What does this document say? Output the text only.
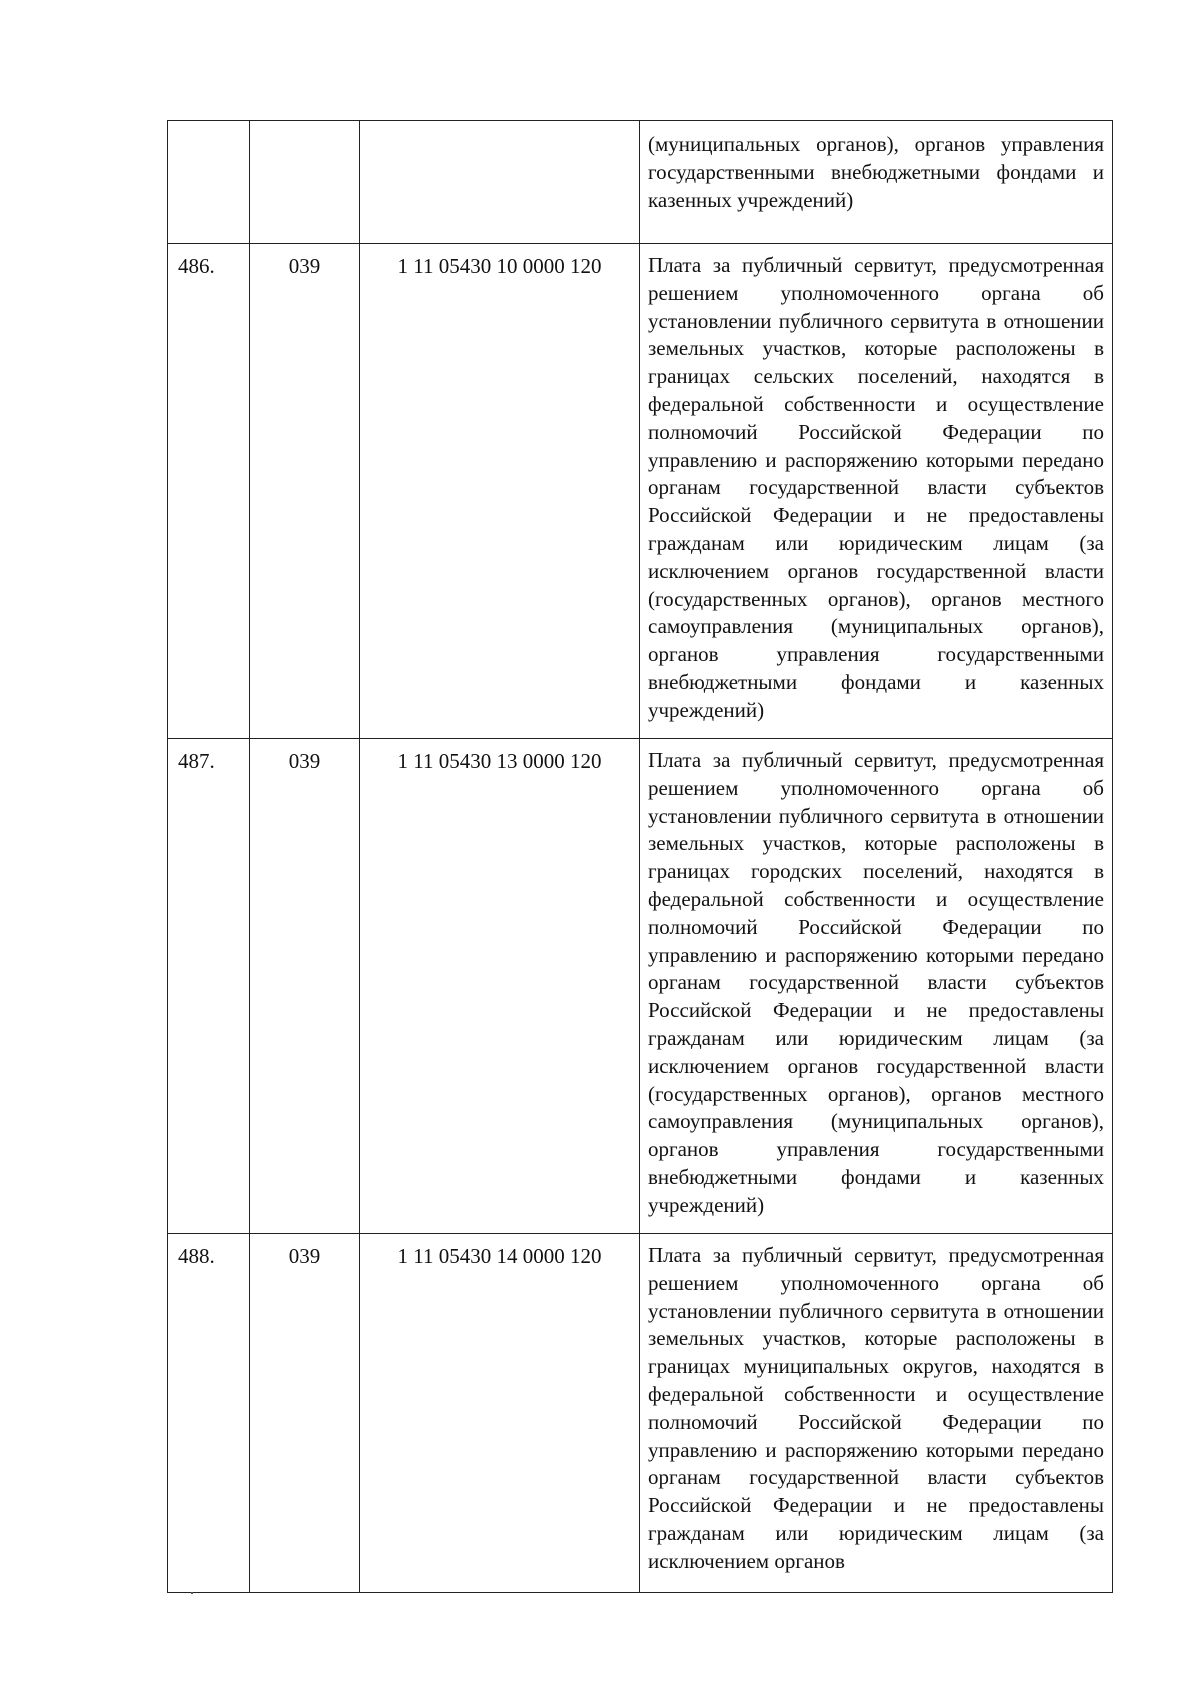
			(муниципальных органов), органов управления государственными внебюджетными фондами и казенных учреждений)
486.	039	1 11 05430 10 0000 120	Плата за публичный сервитут, предусмотренная решением уполномоченного органа об установлении публичного сервитута в отношении земельных участков, которые расположены в границах сельских поселений, находятся в федеральной собственности и осуществление полномочий Российской Федерации по управлению и распоряжению которыми передано органам государственной власти субъектов Российской Федерации и не предоставлены гражданам или юридическим лицам (за исключением органов государственной власти (государственных органов), органов местного самоуправления (муниципальных органов), органов управления государственными внебюджетными фондами и казенных учреждений)
487.	039	1 11 05430 13 0000 120	Плата за публичный сервитут, предусмотренная решением уполномоченного органа об установлении публичного сервитута в отношении земельных участков, которые расположены в границах городских поселений, находятся в федеральной собственности и осуществление полномочий Российской Федерации по управлению и распоряжению которыми передано органам государственной власти субъектов Российской Федерации и не предоставлены гражданам или юридическим лицам (за исключением органов государственной власти (государственных органов), органов местного самоуправления (муниципальных органов), органов управления государственными внебюджетными фондами и казенных учреждений)
488.	039	1 11 05430 14 0000 120	Плата за публичный сервитут, предусмотренная решением уполномоченного органа об установлении публичного сервитута в отношении земельных участков, которые расположены в границах муниципальных округов, находятся в федеральной собственности и осуществление полномочий Российской Федерации по управлению и распоряжению которыми передано органам государственной власти субъектов Российской Федерации и не предоставлены гражданам или юридическим лицам (за исключением органов
